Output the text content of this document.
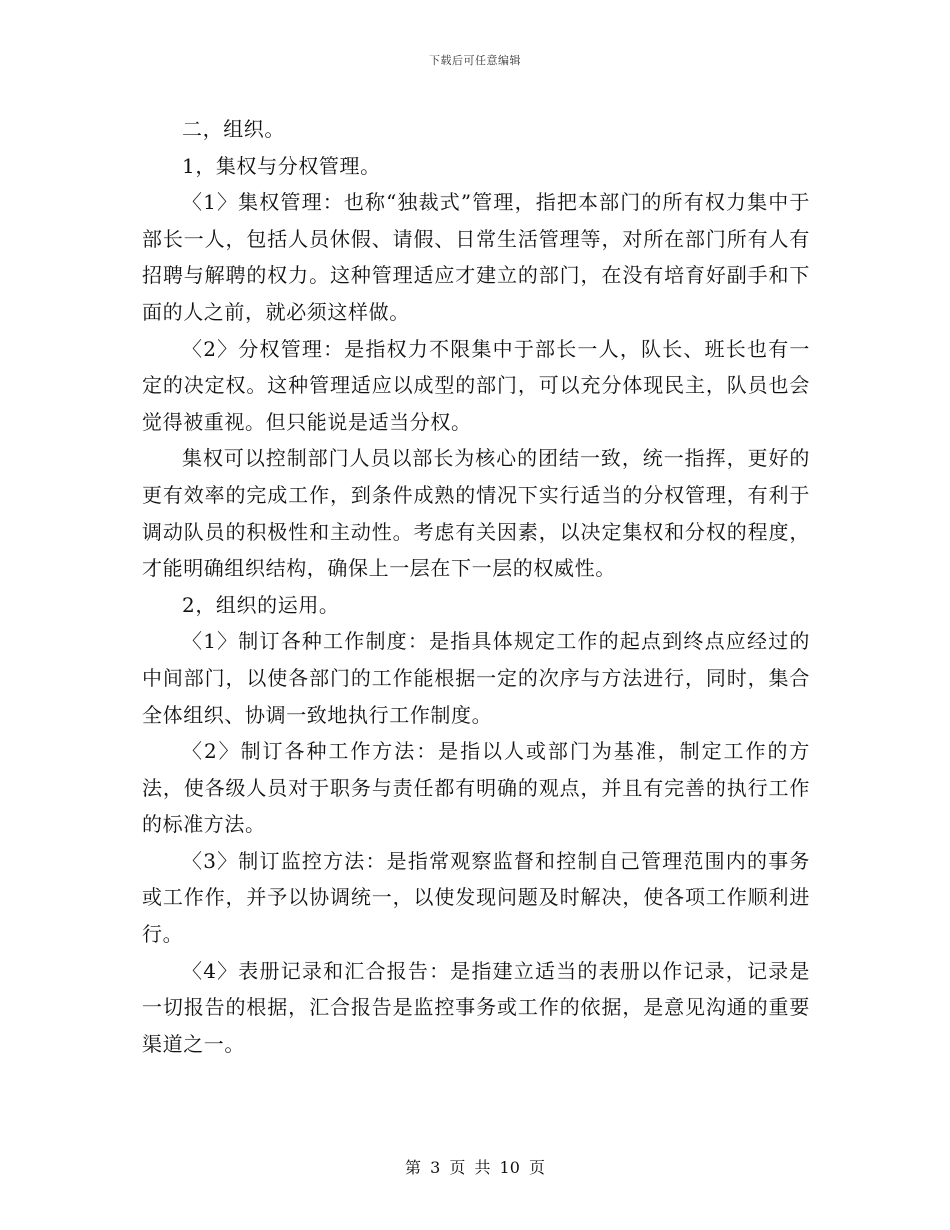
下载后可任意编辑

二，组织。

1，集权与分权管理。

〈1〉集权管理：也称“独裁式”管理，指把本部门的所有权力集中于部长一人，包括人员休假、请假、日常生活管理等，对所在部门所有人有招聘与解聘的权力。这种管理适应才建立的部门，在没有培育好副手和下面的人之前，就必须这样做。

〈2〉分权管理：是指权力不限集中于部长一人，队长、班长也有一定的决定权。这种管理适应以成型的部门，可以充分体现民主，队员也会觉得被重视。但只能说是适当分权。

集权可以控制部门人员以部长为核心的团结一致，统一指挥，更好的更有效率的完成工作，到条件成熟的情况下实行适当的分权管理，有利于调动队员的积极性和主动性。考虑有关因素，以决定集权和分权的程度，才能明确组织结构，确保上一层在下一层的权威性。

2，组织的运用。

〈1〉制订各种工作制度：是指具体规定工作的起点到终点应经过的中间部门，以使各部门的工作能根据一定的次序与方法进行，同时，集合全体组织、协调一致地执行工作制度。

〈2〉制订各种工作方法：是指以人或部门为基准，制定工作的方法，使各级人员对于职务与责任都有明确的观点，并且有完善的执行工作的标准方法。

〈3〉制订监控方法：是指常观察监督和控制自己管理范围内的事务或工作作，并予以协调统一，以使发现问题及时解决，使各项工作顺利进行。

〈4〉表册记录和汇合报告：是指建立适当的表册以作记录，记录是一切报告的根据，汇合报告是监控事务或工作的依据，是意见沟通的重要渠道之一。

第 3 页 共 10 页
